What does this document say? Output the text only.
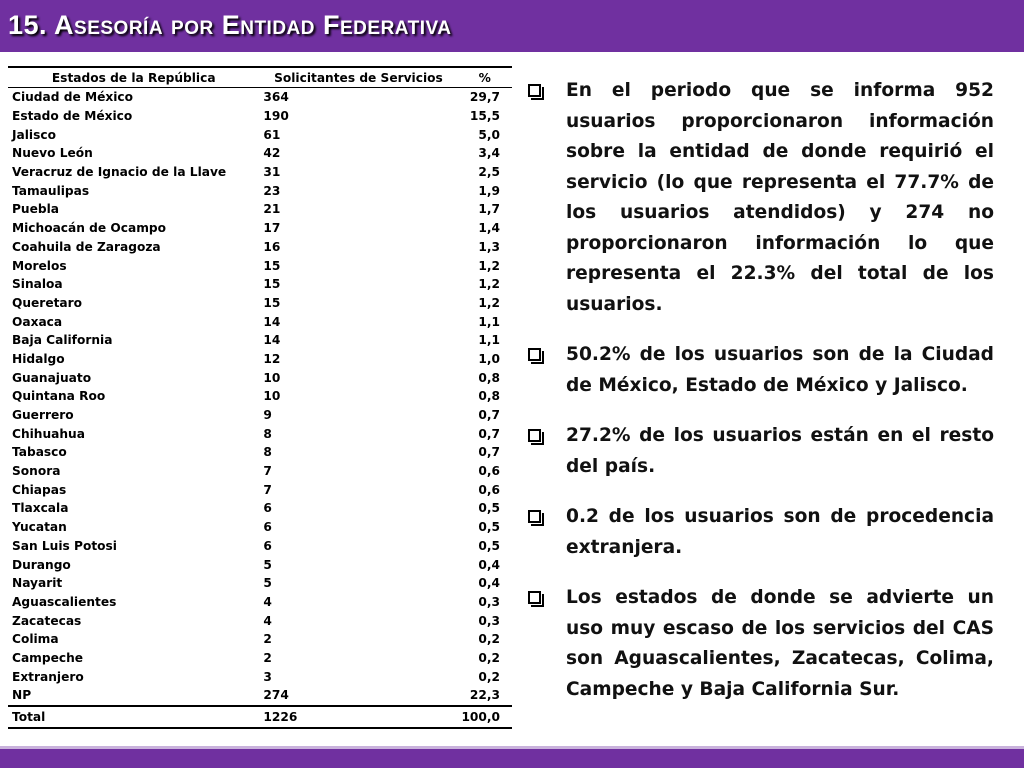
15. Asesoría por Entidad Federativa
Estados de la República	Solicitantes de Servicios	%
Ciudad de México	364	29,7
Estado de México	190	15,5
Jalisco	61	5,0
Nuevo León	42	3,4
Veracruz de Ignacio de la Llave	31	2,5
Tamaulipas	23	1,9
Puebla	21	1,7
Michoacán de Ocampo	17	1,4
Coahuila de Zaragoza	16	1,3
Morelos	15	1,2
Sinaloa	15	1,2
Queretaro	15	1,2
Oaxaca	14	1,1
Baja California	14	1,1
Hidalgo	12	1,0
Guanajuato	10	0,8
Quintana Roo	10	0,8
Guerrero	9	0,7
Chihuahua	8	0,7
Tabasco	8	0,7
Sonora	7	0,6
Chiapas	7	0,6
Tlaxcala	6	0,5
Yucatan	6	0,5
San Luis Potosi	6	0,5
Durango	5	0,4
Nayarit	5	0,4
Aguascalientes	4	0,3
Zacatecas	4	0,3
Colima	2	0,2
Campeche	2	0,2
Extranjero	3	0,2
NP	274	22,3
Total	1226	100,0
En el periodo que se informa 952 usuarios proporcionaron información sobre la entidad de donde requirió el servicio (lo que representa el 77.7% de los usuarios atendidos) y 274 no proporcionaron información lo que representa el 22.3% del total de los usuarios.
50.2% de los usuarios son de la Ciudad de México, Estado de México y Jalisco.
27.2% de los usuarios están en el resto del país.
0.2 de los usuarios son de procedencia extranjera.
Los estados de donde se advierte un uso muy escaso de los servicios del CAS son Aguascalientes, Zacatecas, Colima, Campeche y Baja California Sur.
